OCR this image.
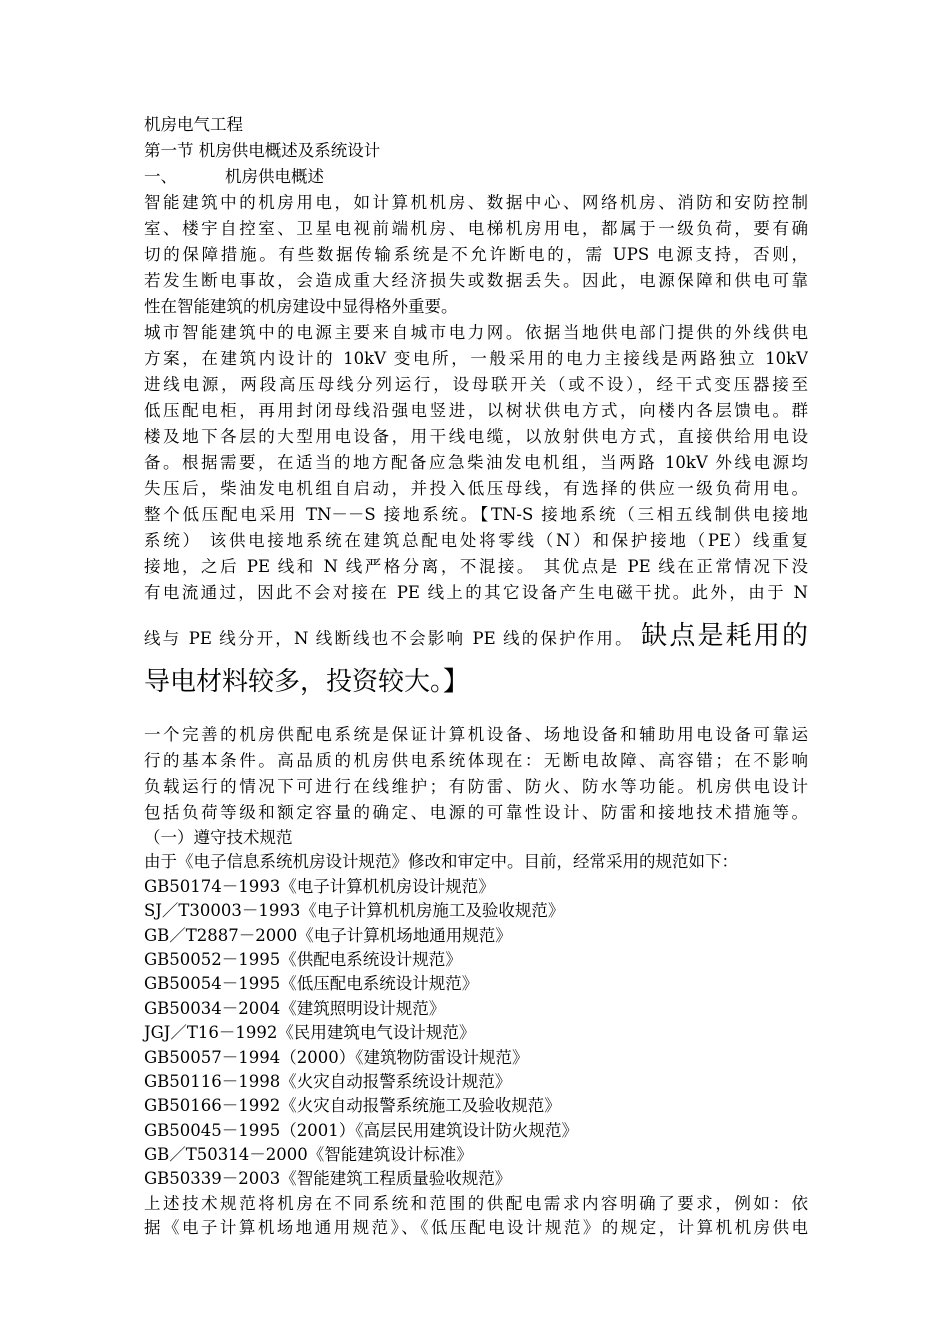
机房电气工程
第一节 机房供电概述及系统设计
一、	机房供电概述
智能建筑中的机房用电，如计算机机房、数据中心、网络机房、消防和安防控制
室、楼宇自控室、卫星电视前端机房、电梯机房用电，都属于一级负荷，要有确
切的保障措施。有些数据传输系统是不允许断电的，需 UPS 电源支持，否则，
若发生断电事故，会造成重大经济损失或数据丢失。因此，电源保障和供电可靠
性在智能建筑的机房建设中显得格外重要。
城市智能建筑中的电源主要来自城市电力网。依据当地供电部门提供的外线供电
方案，在建筑内设计的 10kV 变电所，一般采用的电力主接线是两路独立 10kV
进线电源，两段高压母线分列运行，设母联开关（或不设），经干式变压器接至
低压配电柜，再用封闭母线沿强电竖进，以树状供电方式，向楼内各层馈电。群
楼及地下各层的大型用电设备，用干线电缆，以放射供电方式，直接供给用电设
备。根据需要，在适当的地方配备应急柴油发电机组，当两路 10kV 外线电源均
失压后，柴油发电机组自启动，并投入低压母线，有选择的供应一级负荷用电。
整个低压配电采用 TN－－S 接地系统。【TN-S 接地系统（三相五线制供电接地
系统） 该供电接地系统在建筑总配电处将零线（N）和保护接地（PE）线重复
接地，之后 PE 线和 N 线严格分离，不混接。 其优点是 PE 线在正常情况下没
有电流通过，因此不会对接在 PE 线上的其它设备产生电磁干扰。此外，由于 N
线与 PE 线分开，N 线断线也不会影响 PE 线的保护作用。 缺点是耗用的
导电材料较多，投资较大。】
一个完善的机房供配电系统是保证计算机设备、场地设备和辅助用电设备可靠运
行的基本条件。高品质的机房供电系统体现在：无断电故障、高容错；在不影响
负载运行的情况下可进行在线维护；有防雷、防火、防水等功能。机房供电设计
包括负荷等级和额定容量的确定、电源的可靠性设计、防雷和接地技术措施等。
（一）遵守技术规范
由于《电子信息系统机房设计规范》修改和审定中。目前，经常采用的规范如下：
GB50174－1993《电子计算机机房设计规范》
SJ／T30003－1993《电子计算机机房施工及验收规范》
GB／T2887－2000《电子计算机场地通用规范》
GB50052－1995《供配电系统设计规范》
GB50054－1995《低压配电系统设计规范》
GB50034－2004《建筑照明设计规范》
JGJ／T16－1992《民用建筑电气设计规范》
GB50057－1994（2000）《建筑物防雷设计规范》
GB50116－1998《火灾自动报警系统设计规范》
GB50166－1992《火灾自动报警系统施工及验收规范》
GB50045－1995（2001）《高层民用建筑设计防火规范》
GB／T50314－2000《智能建筑设计标准》
GB50339－2003《智能建筑工程质量验收规范》
上述技术规范将机房在不同系统和范围的供配电需求内容明确了要求，例如：依
据《电子计算机场地通用规范》、《低压配电设计规范》的规定，计算机机房供电
